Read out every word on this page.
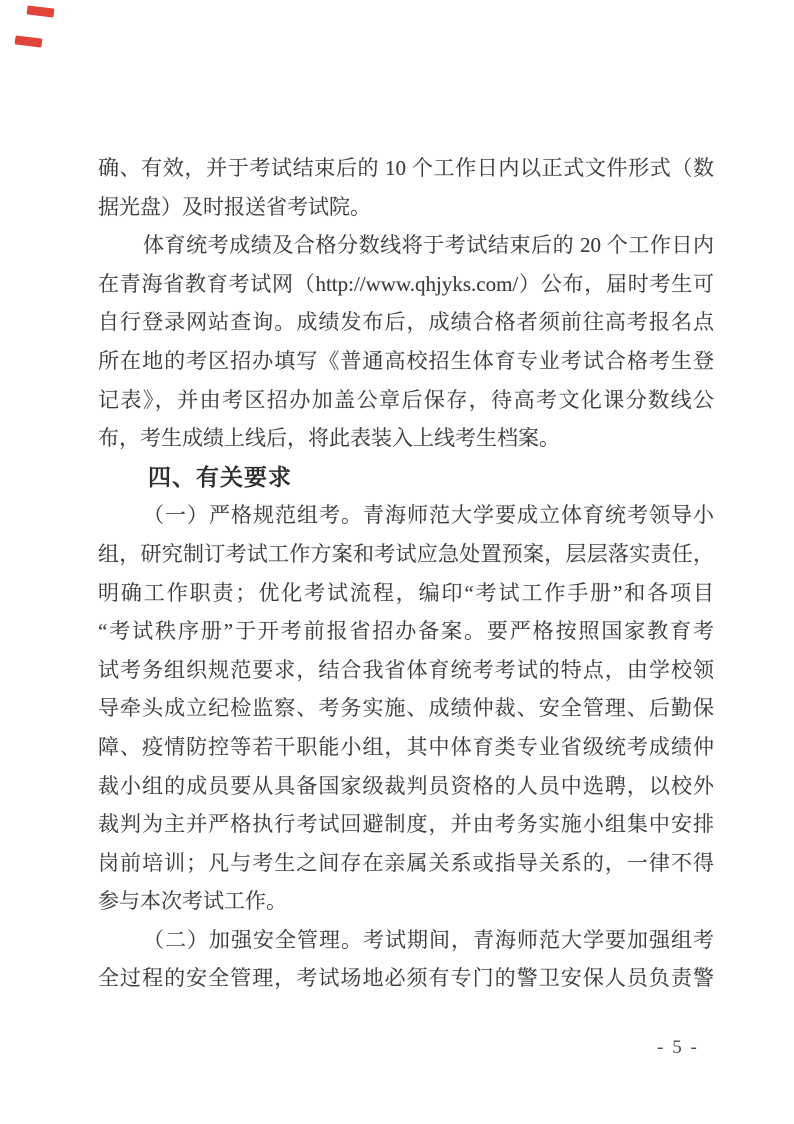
确、有效，并于考试结束后的 10 个工作日内以正式文件形式（数
据光盘）及时报送省考试院。
体育统考成绩及合格分数线将于考试结束后的 20 个工作日内
在青海省教育考试网（http://www.qhjyks.com/）公布，届时考生可
自行登录网站查询。成绩发布后，成绩合格者须前往高考报名点
所在地的考区招办填写《普通高校招生体育专业考试合格考生登
记表》，并由考区招办加盖公章后保存，待高考文化课分数线公
布，考生成绩上线后，将此表装入上线考生档案。
四、有关要求
（一）严格规范组考。青海师范大学要成立体育统考领导小
组，研究制订考试工作方案和考试应急处置预案，层层落实责任，
明确工作职责；优化考试流程，编印“考试工作手册”和各项目
“考试秩序册”于开考前报省招办备案。要严格按照国家教育考
试考务组织规范要求，结合我省体育统考考试的特点，由学校领
导牵头成立纪检监察、考务实施、成绩仲裁、安全管理、后勤保
障、疫情防控等若干职能小组，其中体育类专业省级统考成绩仲
裁小组的成员要从具备国家级裁判员资格的人员中选聘，以校外
裁判为主并严格执行考试回避制度，并由考务实施小组集中安排
岗前培训；凡与考生之间存在亲属关系或指导关系的，一律不得
参与本次考试工作。
（二）加强安全管理。考试期间，青海师范大学要加强组考
全过程的安全管理，考试场地必须有专门的警卫安保人员负责警
- 5 -
